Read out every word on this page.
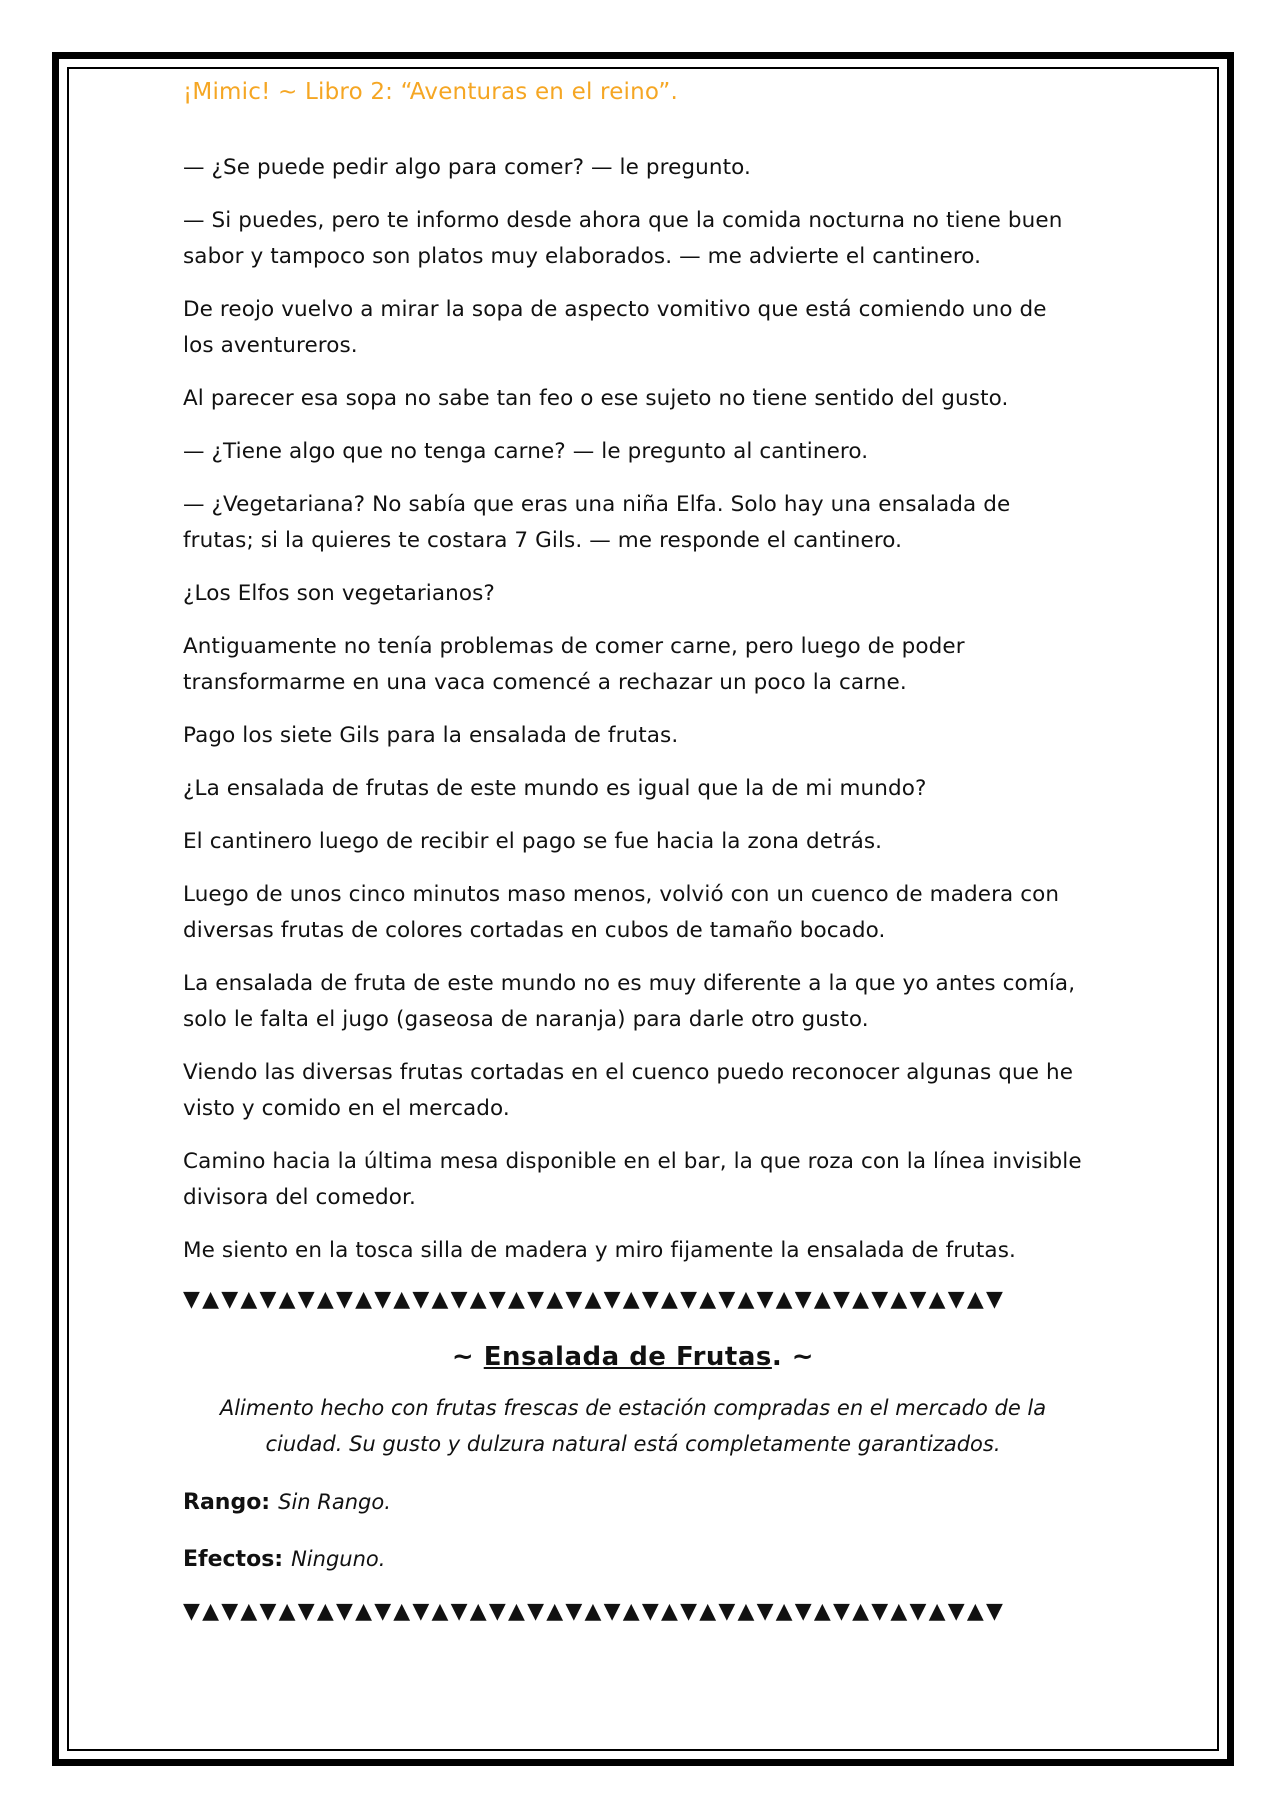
¡Mimic! ~ Libro 2: “Aventuras en el reino”.

— ¿Se puede pedir algo para comer? — le pregunto.

— Si puedes, pero te informo desde ahora que la comida nocturna no tiene buen sabor y tampoco son platos muy elaborados. — me advierte el cantinero.

De reojo vuelvo a mirar la sopa de aspecto vomitivo que está comiendo uno de los aventureros.

Al parecer esa sopa no sabe tan feo o ese sujeto no tiene sentido del gusto.

— ¿Tiene algo que no tenga carne? — le pregunto al cantinero.

— ¿Vegetariana? No sabía que eras una niña Elfa. Solo hay una ensalada de frutas; si la quieres te costara 7 Gils. — me responde el cantinero.

¿Los Elfos son vegetarianos?

Antiguamente no tenía problemas de comer carne, pero luego de poder transformarme en una vaca comencé a rechazar un poco la carne.

Pago los siete Gils para la ensalada de frutas.

¿La ensalada de frutas de este mundo es igual que la de mi mundo?

El cantinero luego de recibir el pago se fue hacia la zona detrás.

Luego de unos cinco minutos maso menos, volvió con un cuenco de madera con diversas frutas de colores cortadas en cubos de tamaño bocado.

La ensalada de fruta de este mundo no es muy diferente a la que yo antes comía, solo le falta el jugo (gaseosa de naranja) para darle otro gusto.

Viendo las diversas frutas cortadas en el cuenco puedo reconocer algunas que he visto y comido en el mercado.

Camino hacia la última mesa disponible en el bar, la que roza con la línea invisible divisora del comedor.

Me siento en la tosca silla de madera y miro fijamente la ensalada de frutas.

▼▲▼▲▼▲▼▲▼▲▼▲▼▲▼▲▼▲▼▲▼▲▼▲▼▲▼▲▼▲▼▲▼▲▼▲▼▲▼▲▼▲▼
~ Ensalada de Frutas. ~

Alimento hecho con frutas frescas de estación compradas en el mercado de la ciudad. Su gusto y dulzura natural está completamente garantizados.

Rango: Sin Rango.
Efectos: Ninguno.
▼▲▼▲▼▲▼▲▼▲▼▲▼▲▼▲▼▲▼▲▼▲▼▲▼▲▼▲▼▲▼▲▼▲▼▲▼▲▼▲▼▲▼
